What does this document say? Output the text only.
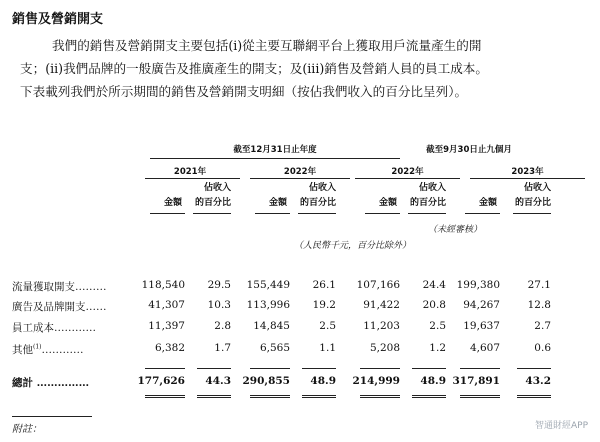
銷售及營銷開支
我們的銷售及營銷開支主要包括(i)從主要互聯網平台上獲取用戶流量產生的開
支；(ii)我們品牌的一般廣告及推廣產生的開支；及(iii)銷售及營銷人員的員工成本。
下表載列我們於所示期間的銷售及營銷開支明細（按佔我們收入的百分比呈列）。
截至12月31日止年度	截至9月30日止九個月
2021年	2022年	2022年	2023年
金額
佔收入
的百分比	金額
佔收入
的百分比	金額
佔收入
的百分比	金額
佔收入
的百分比
（人民幣千元，百分比除外）
（未經審核）
流量獲取開支………	118,540	29.5	155,449	26.1	107,166	24.4	199,380	27.1
廣告及品牌開支……	41,307	10.3	113,996	19.2	91,422	20.8	94,267	12.8
員工成本…………	11,397	2.8	14,845	2.5	11,203	2.5	19,637	2.7
其他$^{(1)}$…………	6,382	1.7	6,565	1.1	5,208	1.2	4,607	0.6
總計 ……………	177,626	44.3	290,855	48.9	214,999	48.9 317,891	43.2
附註：	智通財經APP
